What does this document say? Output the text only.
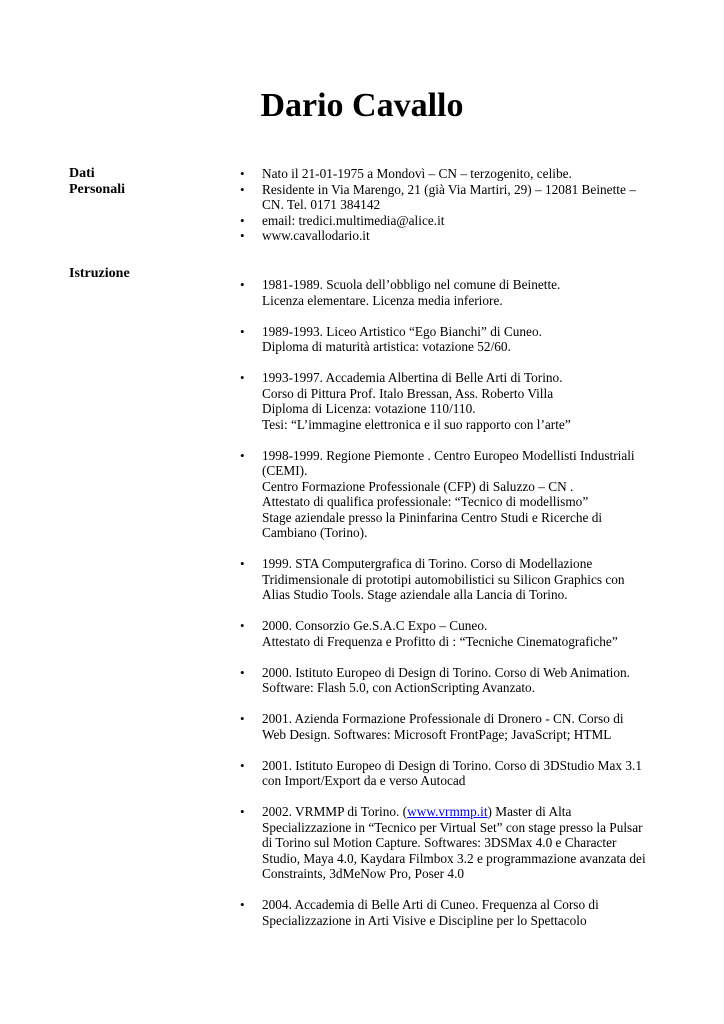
Dario Cavallo
Dati
Personali
• Nato il 21-01-1975 a Mondovì – CN – terzogenito, celibe.
• Residente in Via Marengo, 21 (già Via Martiri, 29) – 12081 Beinette –
CN. Tel. 0171 384142
• email: tredici.multimedia@alice.it
• www.cavallodario.it
Istruzione
• 1981-1989. Scuola dell’obbligo nel comune di Beinette.
Licenza elementare. Licenza media inferiore.
• 1989-1993. Liceo Artistico “Ego Bianchi” di Cuneo.
Diploma di maturità artistica: votazione 52/60.
• 1993-1997. Accademia Albertina di Belle Arti di Torino.
Corso di Pittura Prof. Italo Bressan, Ass. Roberto Villa
Diploma di Licenza: votazione 110/110.
Tesi: “L’immagine elettronica e il suo rapporto con l’arte”
• 1998-1999. Regione Piemonte . Centro Europeo Modellisti Industriali
(CEMI).
Centro Formazione Professionale (CFP) di Saluzzo – CN .
Attestato di qualifica professionale: “Tecnico di modellismo”
Stage aziendale presso la Pininfarina Centro Studi e Ricerche di
Cambiano (Torino).
• 1999. STA Computergrafica di Torino. Corso di Modellazione
Tridimensionale di prototipi automobilistici su Silicon Graphics con
Alias Studio Tools. Stage aziendale alla Lancia di Torino.
• 2000. Consorzio Ge.S.A.C Expo – Cuneo.
Attestato di Frequenza e Profitto di : “Tecniche Cinematografiche”
• 2000. Istituto Europeo di Design di Torino. Corso di Web Animation.
Software: Flash 5.0, con ActionScripting Avanzato.
• 2001. Azienda Formazione Professionale di Dronero - CN. Corso di
Web Design. Softwares: Microsoft FrontPage; JavaScript; HTML
• 2001. Istituto Europeo di Design di Torino. Corso di 3DStudio Max 3.1
con Import/Export da e verso Autocad
• 2002. VRMMP di Torino. (www.vrmmp.it) Master di Alta
Specializzazione in “Tecnico per Virtual Set” con stage presso la Pulsar
di Torino sul Motion Capture. Softwares: 3DSMax 4.0 e Character
Studio, Maya 4.0, Kaydara Filmbox 3.2 e programmazione avanzata dei
Constraints, 3dMeNow Pro, Poser 4.0
• 2004. Accademia di Belle Arti di Cuneo. Frequenza al Corso di
Specializzazione in Arti Visive e Discipline per lo Spettacolo
